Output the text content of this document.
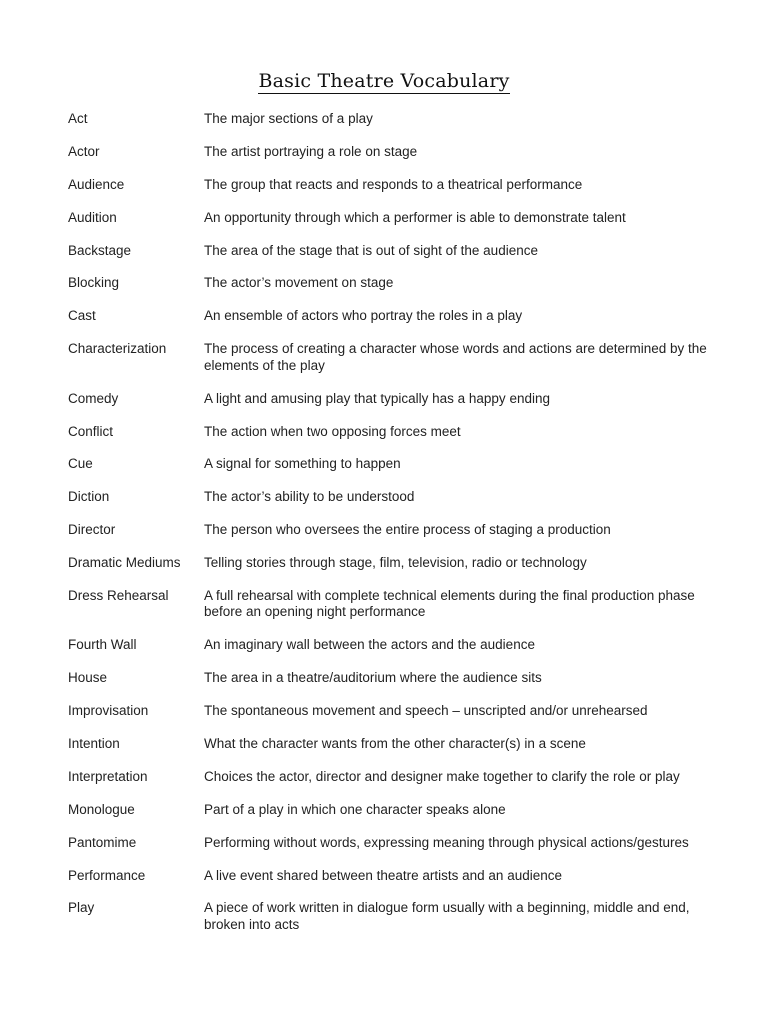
Basic Theatre Vocabulary
Act	The major sections of a play
Actor	The artist portraying a role on stage
Audience	The group that reacts and responds to a theatrical performance
Audition	An opportunity through which a performer is able to demonstrate talent
Backstage	The area of the stage that is out of sight of the audience
Blocking	The actor’s movement on stage
Cast	An ensemble of actors who portray the roles in a play
Characterization	The process of creating a character whose words and actions are determined by the elements of the play
Comedy	A light and amusing play that typically has a happy ending
Conflict	The action when two opposing forces meet
Cue	A signal for something to happen
Diction	The actor’s ability to be understood
Director	The person who oversees the entire process of staging a production
Dramatic Mediums	Telling stories through stage, film, television, radio or technology
Dress Rehearsal	A full rehearsal with complete technical elements during the final production phase before an opening night performance
Fourth Wall	An imaginary wall between the actors and the audience
House	The area in a theatre/auditorium where the audience sits
Improvisation	The spontaneous movement and speech – unscripted and/or unrehearsed
Intention	What the character wants from the other character(s) in a scene
Interpretation	Choices the actor, director and designer make together to clarify the role or play
Monologue	Part of a play in which one character speaks alone
Pantomime	Performing without words, expressing meaning through physical actions/gestures
Performance	A live event shared between theatre artists and an audience
Play	A piece of work written in dialogue form usually with a beginning, middle and end, broken into acts
